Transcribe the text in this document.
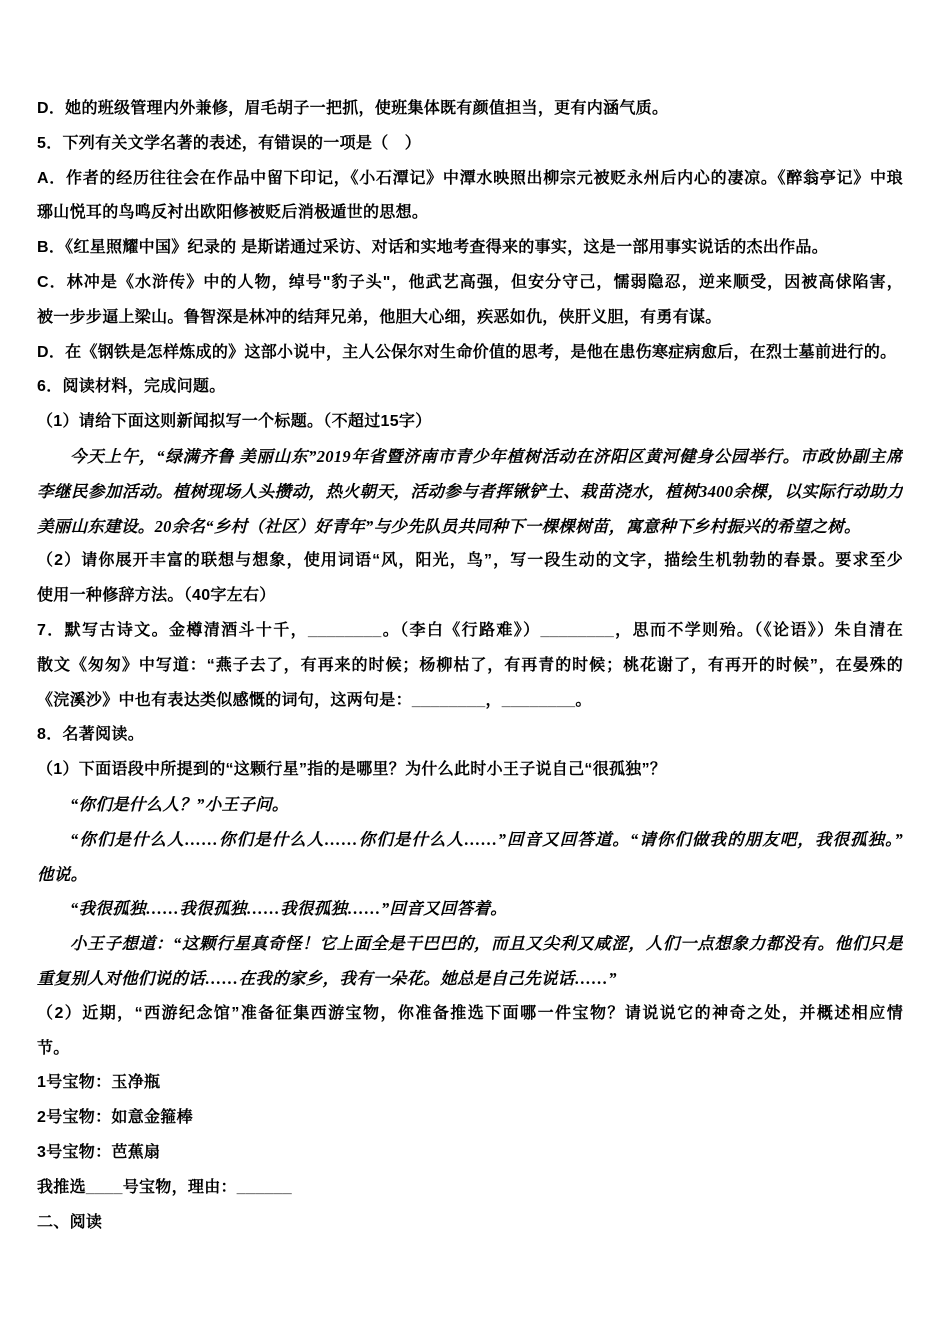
D．她的班级管理内外兼修，眉毛胡子一把抓，使班集体既有颜值担当，更有内涵气质。
5．下列有关文学名著的表述，有错误的一项是（　）
A．作者的经历往往会在作品中留下印记，《小石潭记》中潭水映照出柳宗元被贬永州后内心的凄凉。《醉翁亭记》中琅
琊山悦耳的鸟鸣反衬出欧阳修被贬后消极遁世的思想。
B．《红星照耀中国》纪录的 是斯诺通过采访、对话和实地考查得来的事实，这是一部用事实说话的杰出作品。
C．林冲是《水浒传》中的人物，绰号"豹子头"，他武艺高强，但安分守己，懦弱隐忍，逆来顺受，因被高俅陷害，
被一步步逼上梁山。鲁智深是林冲的结拜兄弟，他胆大心细，疾恶如仇，侠肝义胆，有勇有谋。
D．在《钢铁是怎样炼成的》这部小说中，主人公保尔对生命价值的思考，是他在患伤寒症病愈后，在烈士墓前进行的。
6．阅读材料，完成问题。
（1）请给下面这则新闻拟写一个标题。（不超过15字）
今天上午，“绿满齐鲁 美丽山东”2019年省暨济南市青少年植树活动在济阳区黄河健身公园举行。市政协副主席
李继民参加活动。植树现场人头攒动，热火朝天，活动参与者挥锹铲土、栽苗浇水，植树3400余棵，以实际行动助力
美丽山东建设。20余名“乡村（社区）好青年”与少先队员共同种下一棵棵树苗，寓意种下乡村振兴的希望之树。
（2）请你展开丰富的联想与想象，使用词语“风，阳光，鸟”，写一段生动的文字，描绘生机勃勃的春景。要求至少
使用一种修辞方法。（40字左右）
7．默写古诗文。金樽清酒斗十千，________。（李白《行路难》）________，思而不学则殆。（《论语》）朱自清在
散文《匆匆》中写道：“燕子去了，有再来的时候；杨柳枯了，有再青的时候；桃花谢了，有再开的时候”，在晏殊的
《浣溪沙》中也有表达类似感慨的词句，这两句是：________，________。
8．名著阅读。
（1）下面语段中所提到的“这颗行星”指的是哪里？为什么此时小王子说自己“很孤独”？
“你们是什么人？”小王子问。
“你们是什么人……你们是什么人……你们是什么人……”回音又回答道。“请你们做我的朋友吧，我很孤独。”
他说。
“我很孤独……我很孤独……我很孤独……”回音又回答着。
小王子想道：“这颗行星真奇怪！它上面全是干巴巴的，而且又尖利又咸涩，人们一点想象力都没有。他们只是
重复别人对他们说的话……在我的家乡，我有一朵花。她总是自己先说话……”
（2）近期，“西游纪念馆”准备征集西游宝物，你准备推选下面哪一件宝物？请说说它的神奇之处，并概述相应情
节。
1号宝物：玉净瓶
2号宝物：如意金箍棒
3号宝物：芭蕉扇
我推选____号宝物，理由：______
二、阅读
